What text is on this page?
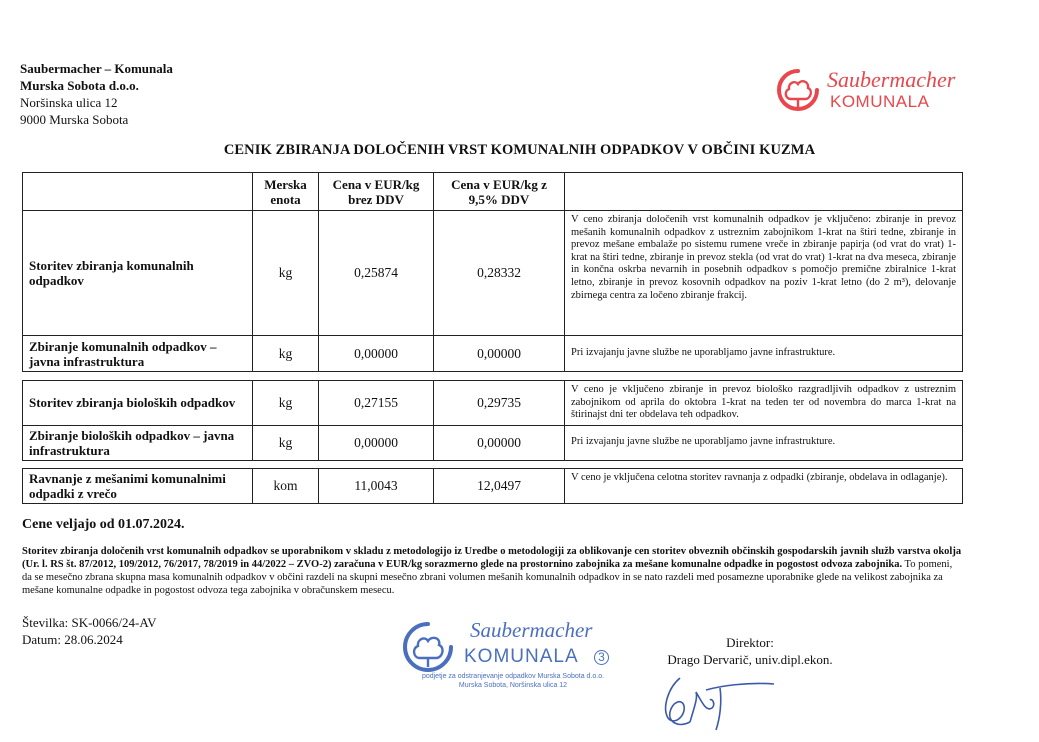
Saubermacher – Komunala
Murska Sobota d.o.o.
Noršinska ulica 12
9000 Murska Sobota
Saubermacher
KOMUNALA
CENIK ZBIRANJA DOLOČENIH VRST KOMUNALNIH ODPADKOV V OBČINI KUZMA
	Merska enota	Cena v EUR/kg brez DDV	Cena v EUR/kg z 9,5% DDV	
Storitev zbiranja komunalnih odpadkov	kg	0,25874	0,28332	V ceno zbiranja določenih vrst komunalnih odpadkov je vključeno: zbiranje in prevoz mešanih komunalnih odpadkov z ustreznim zabojnikom 1-krat na štiri tedne, zbiranje in prevoz mešane embalaže po sistemu rumene vreče in zbiranje papirja (od vrat do vrat) 1-krat na štiri tedne, zbiranje in prevoz stekla (od vrat do vrat) 1-krat na dva meseca, zbiranje in končna oskrba nevarnih in posebnih odpadkov s pomočjo premične zbiralnice 1-krat letno, zbiranje in prevoz kosovnih odpadkov na poziv 1-krat letno (do 2 m³), delovanje zbirnega centra za ločeno zbiranje frakcij.
Zbiranje komunalnih odpadkov – javna infrastruktura	kg	0,00000	0,00000	Pri izvajanju javne službe ne uporabljamo javne infrastrukture.
Storitev zbiranja bioloških odpadkov	kg	0,27155	0,29735	V ceno je vključeno zbiranje in prevoz biološko razgradljivih odpadkov z ustreznim zabojnikom od aprila do oktobra 1-krat na teden ter od novembra do marca 1-krat na štirinajst dni ter obdelava teh odpadkov.
Zbiranje bioloških odpadkov – javna infrastruktura	kg	0,00000	0,00000	Pri izvajanju javne službe ne uporabljamo javne infrastrukture.
Ravnanje z mešanimi komunalnimi odpadki z vrečo	kom	11,0043	12,0497	V ceno je vključena celotna storitev ravnanja z odpadki (zbiranje, obdelava in odlaganje).
Cene veljajo od 01.07.2024.
Storitev zbiranja določenih vrst komunalnih odpadkov se uporabnikom v skladu z metodologijo iz Uredbe o metodologiji za oblikovanje cen storitev obveznih občinskih gospodarskih javnih služb varstva okolja (Ur. l. RS št. 87/2012, 109/2012, 76/2017, 78/2019 in 44/2022 – ZVO-2) zaračuna v EUR/kg sorazmerno glede na prostornino zabojnika za mešane komunalne odpadke in pogostost odvoza zabojnika. To pomeni, da se mesečno zbrana skupna masa komunalnih odpadkov v občini razdeli na skupni mesečno zbrani volumen mešanih komunalnih odpadkov in se nato razdeli med posamezne uporabnike glede na velikost zabojnika za mešane komunalne odpadke in pogostost odvoza tega zabojnika v obračunskem mesecu.
Številka: SK-0066/24-AV
Datum: 28.06.2024	Saubermacher
KOMUNALA	3
podjetje za odstranjevanje odpadkov Murska Sobota d.o.o.
Murska Sobota, Noršinska ulica 12
Direktor:
Drago Dervarič, univ.dipl.ekon.
